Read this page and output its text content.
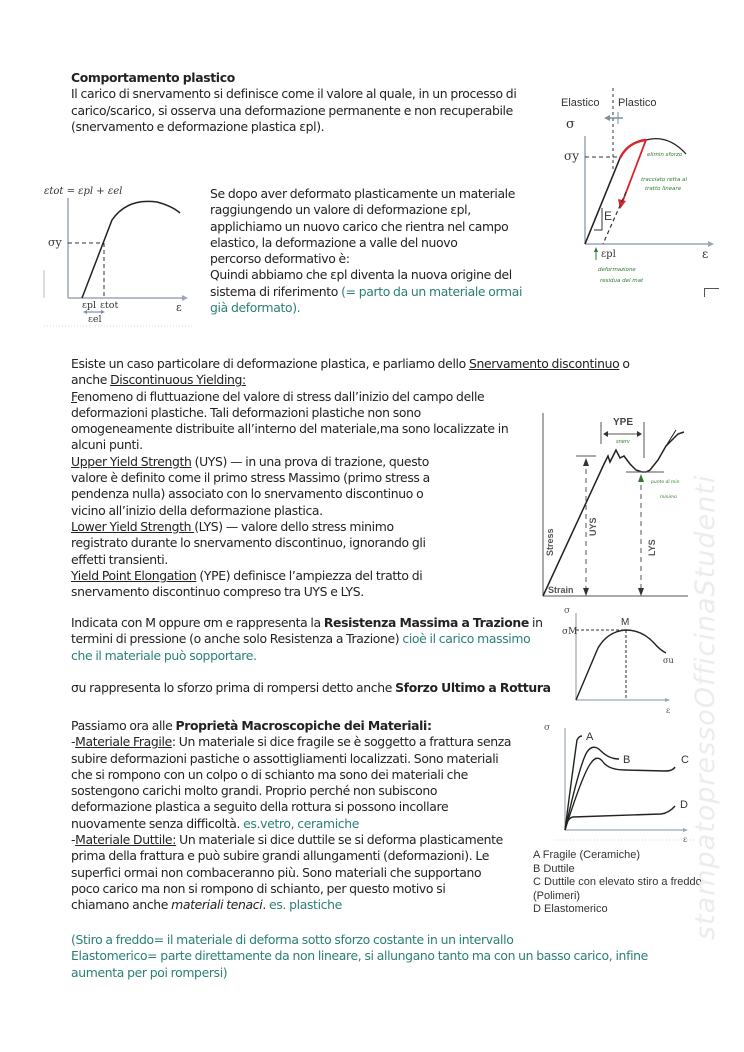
Comportamento plastico
Il carico di snervamento si definisce come il valore al quale, in un processo di
carico/scarico, si osserva una deformazione permanente e non recuperabile
(snervamento e deformazione plastica εpl).
Elastico Plastico
σ
σy
E
εpl	ε
elimin sforzo
tracciato retta al
tratto lineare
deformazione
residua del mat
εtot = εpl + εel
σy
εpl εtot
εel
ε
Se dopo aver deformato plasticamente un materiale
raggiungendo un valore di deformazione εpl,
applichiamo un nuovo carico che rientra nel campo
elastico, la deformazione a valle del nuovo
percorso deformativo è:
Quindi abbiamo che εpl diventa la nuova origine del
sistema di riferimento (= parto da un materiale ormai
già deformato).
Esiste un caso particolare di deformazione plastica, e parliamo dello Snervamento discontinuo o
anche Discontinuous Yielding:
Fenomeno di fluttuazione del valore di stress dall’inizio del campo delle
deformazioni plastiche. Tali deformazioni plastiche non sono
omogeneamente distribuite all’interno del materiale,ma sono localizzate in
alcuni punti.
Upper Yield Strength (UYS) — in una prova di trazione, questo
valore è definito come il primo stress Massimo (primo stress a
pendenza nulla) associato con lo snervamento discontinuo o
vicino all’inizio della deformazione plastica.
Lower Yield Strength (LYS) — valore dello stress minimo
registrato durante lo snervamento discontinuo, ignorando gli
effetti transienti.
Yield Point Elongation (YPE) definisce l’ampiezza del tratto di
snervamento discontinuo compreso tra UYS e LYS.
YPE
snerv
UYS
LYS
punto di min
minimo
Stress
Strain
Indicata con M oppure σm e rappresenta la Resistenza Massima a Trazione in
termini di pressione (o anche solo Resistenza a Trazione) cioè il carico massimo
che il materiale può sopportare.
σu rappresenta lo sforzo prima di rompersi detto anche Sforzo Ultimo a Rottura
σ
σM
M
σu
ε
Passiamo ora alle Proprietà Macroscopiche dei Materiali:
-Materiale Fragile: Un materiale si dice fragile se è soggetto a frattura senza
subire deformazioni pastiche o assottigliamenti localizzati. Sono materiali
che si rompono con un colpo o di schianto ma sono dei materiali che
sostengono carichi molto grandi. Proprio perché non subiscono
deformazione plastica a seguito della rottura si possono incollare
nuovamente senza difficoltà. es.vetro, ceramiche
-Materiale Duttile: Un materiale si dice duttile se si deforma plasticamente
prima della frattura e può subire grandi allungamenti (deformazioni). Le
superfici ormai non combaceranno più. Sono materiali che supportano
poco carico ma non si rompono di schianto, per questo motivo si
chiamano anche materiali tenaci. es. plastiche
σ
A
B	C
D
ε
A Fragile (Ceramiche)
B Duttile
C Duttile con elevato stiro a freddo
(Polimeri)
D Elastomerico
(Stiro a freddo= il materiale di deforma sotto sforzo costante in un intervallo
Elastomerico= parte direttamente da non lineare, si allungano tanto ma con un basso carico, infine
aumenta per poi rompersi)
stampatopressoOfficinaStudenti
